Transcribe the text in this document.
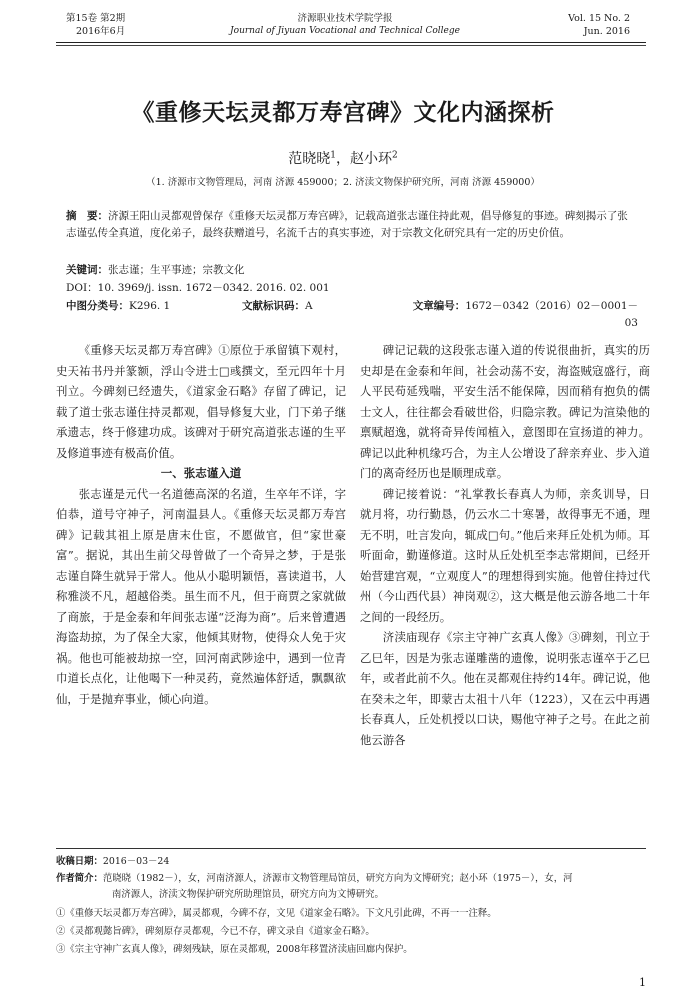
第15卷 第2期
2016年6月
济源职业技术学院学报
Journal of Jiyuan Vocational and Technical College
Vol. 15 No. 2
Jun. 2016
《重修天坛灵都万寿宫碑》文化内涵探析
范晓晓$^1$，赵小环$^2$
（1. 济源市文物管理局，河南 济源 459000；2. 济渎文物保护研究所，河南 济源 459000）
摘　要：济源王阳山灵都观曾保存《重修天坛灵都万寿宫碑》，记载高道张志谨住持此观，倡导修复的事迹。碑刻揭示了张志谨弘传全真道，度化弟子，最终获赠道号，名流千古的真实事迹，对于宗教文化研究具有一定的历史价值。
关键词：张志谨；生平事迹；宗教文化
DOI：10. 3969/j. issn. 1672－0342. 2016. 02. 001
中图分类号：K296. 1	文献标识码：A	文章编号：1672－0342（2016）02－0001－03

《重修天坛灵都万寿宫碑》①原位于承留镇下观村，史天祐书丹并篆额，浮山令进士□彧撰文，至元四年十月刊立。今碑刻已经遗失，《道家金石略》存留了碑记，记载了道士张志谨住持灵都观，倡导修复大业，门下弟子继承遗志，终于修建功成。该碑对于研究高道张志谨的生平及修道事迹有极高价值。

一、张志谨入道

张志谨是元代一名道德高深的名道，生卒年不详，字伯恭，道号守神子，河南温县人。《重修天坛灵都万寿宫碑》记载其祖上原是唐末仕宦，不愿做官，但“家世豪富”。据说，其出生前父母曾做了一个奇异之梦，于是张志谨自降生就异于常人。他从小聪明颖悟，喜读道书，人称雅淡不凡，超越俗类。虽生而不凡，但于商贾之家就做了商旅，于是金泰和年间张志谨“泛海为商”。后来曾遭遇海盗劫掠，为了保全大家，他倾其财物，使得众人免于灾祸。他也可能被劫掠一空，回河南武陟途中，遇到一位青巾道长点化，让他喝下一种灵药，竟然遍体舒适，飘飘欲仙，于是抛弃事业，倾心向道。

碑记记载的这段张志谨入道的传说很曲折，真实的历史却是在金泰和年间，社会动荡不安，海盗贼寇盛行，商人平民苟延残喘，平安生活不能保障，因而稍有抱负的儒士文人，往往都会看破世俗，归隐宗教。碑记为渲染他的禀赋超逸，就将奇异传闻植入，意图即在宣扬道的神力。碑记以此种机缘巧合，为主人公增设了辞亲弃业、步入道门的离奇经历也是顺理成章。

碑记接着说：“礼掌教长春真人为师，亲炙训导，日就月将，功行勤恳，仍云水二十寒暑，故得事无不通，理无不明，吐言发向，辄成□句。”他后来拜丘处机为师。耳听面命，勤谨修道。这时从丘处机至李志常期间，已经开始营建宫观，“立观度人”的理想得到实施。他曾住持过代州（今山西代县）神岗观②，这大概是他云游各地二十年之间的一段经历。

济渎庙现存《宗主守神广玄真人像》③碑刻，刊立于乙巳年，因是为张志谨雕凿的遗像，说明张志谨卒于乙巳年，或者此前不久。他在灵都观住持约14年。碑记说，他在癸未之年，即蒙古太祖十八年（1223），又在云中再遇长春真人，丘处机授以口诀，赐他守神子之号。在此之前他云游各

收稿日期：2016－03－24
作者简介：范晓晓（1982－），女，河南济源人，济源市文物管理局馆员，研究方向为文博研究；赵小环（1975－），女，河
南济源人，济渎文物保护研究所助理馆员，研究方向为文博研究。
①《重修天坛灵都万寿宫碑》，属灵都观，今碑不存，文见《道家金石略》。下文凡引此碑，不再一一注释。
②《灵都观懿旨碑》，碑刻原存灵都观，今已不存，碑文录自《道家金石略》。
③《宗主守神广玄真人像》，碑刻残缺，原在灵都观，2008年移置济渎庙回廊内保护。
1
